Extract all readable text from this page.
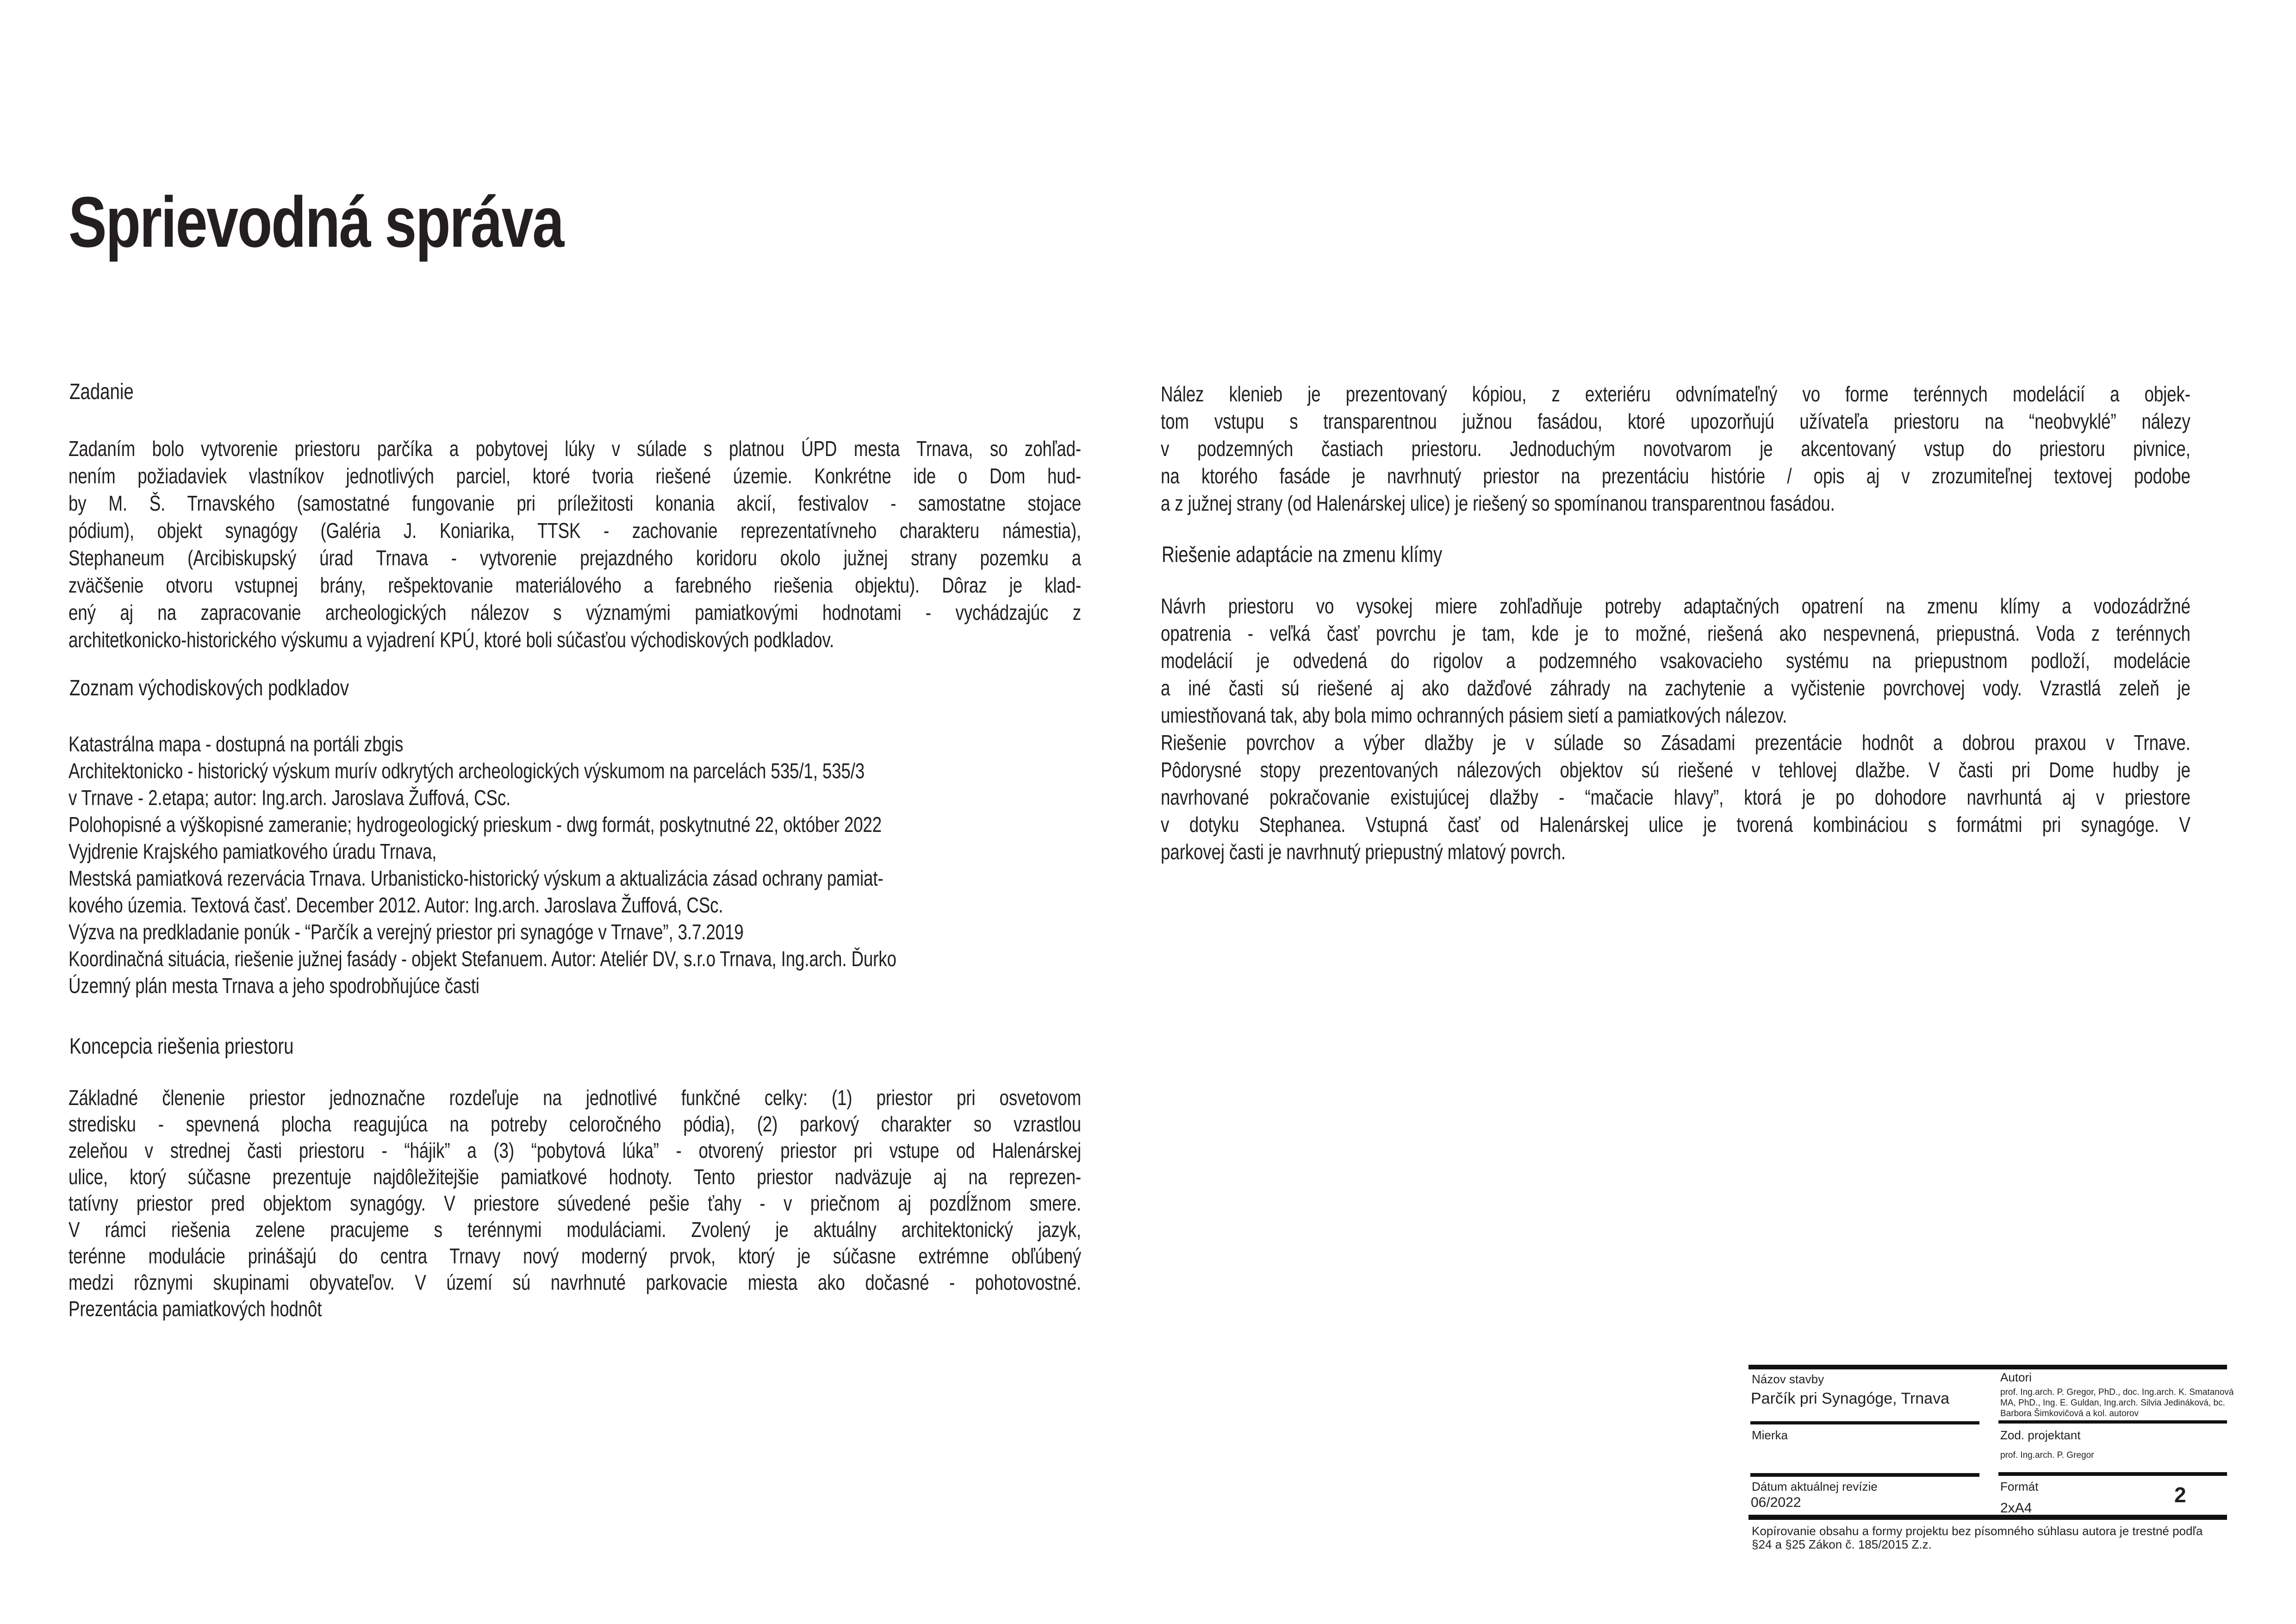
Sprievodná správa
Zadanie
Zadaním bolo vytvorenie priestoru parčíka a pobytovej lúky v súlade s platnou ÚPD mesta Trnava, so zohľad-
nením požiadaviek vlastníkov jednotlivých parciel, ktoré tvoria riešené územie. Konkrétne ide o Dom hud-
by M. Š. Trnavského (samostatné fungovanie pri príležitosti konania akcií, festivalov - samostatne stojace
pódium), objekt synagógy (Galéria J. Koniarika, TTSK - zachovanie reprezentatívneho charakteru námestia),
Stephaneum (Arcibiskupský úrad Trnava - vytvorenie prejazdného koridoru okolo južnej strany pozemku a
zväčšenie otvoru vstupnej brány, rešpektovanie materiálového a farebného riešenia objektu). Dôraz je klad-
ený aj na zapracovanie archeologických nálezov s významými pamiatkovými hodnotami - vychádzajúc z
architetkonicko-historického výskumu a vyjadrení KPÚ, ktoré boli súčasťou východiskových podkladov.
Zoznam východiskových podkladov
Katastrálna mapa - dostupná na portáli zbgis
Architektonicko - historický výskum murív odkrytých archeologických výskumom na parcelách 535/1, 535/3
v Trnave - 2.etapa; autor: Ing.arch. Jaroslava Žuffová, CSc.
Polohopisné a výškopisné zameranie; hydrogeologický prieskum - dwg formát, poskytnutné 22, október 2022
Vyjdrenie Krajského pamiatkového úradu Trnava,
Mestská pamiatková rezervácia Trnava. Urbanisticko-historický výskum a aktualizácia zásad ochrany pamiat-
kového územia. Textová časť. December 2012. Autor: Ing.arch. Jaroslava Žuffová, CSc.
Výzva na predkladanie ponúk - “Parčík a verejný priestor pri synagóge v Trnave”, 3.7.2019
Koordinačná situácia, riešenie južnej fasády - objekt Stefanuem. Autor: Ateliér DV, s.r.o Trnava, Ing.arch. Ďurko
Územný plán mesta Trnava a jeho spodrobňujúce časti
Koncepcia riešenia priestoru
Základné členenie priestor jednoznačne rozdeľuje na jednotlivé funkčné celky: (1) priestor pri osvetovom
stredisku - spevnená plocha reagujúca na potreby celoročného pódia), (2) parkový charakter so vzrastlou
zeleňou v strednej časti priestoru - “hájik” a (3) “pobytová lúka” - otvorený priestor pri vstupe od Halenárskej
ulice, ktorý súčasne prezentuje najdôležitejšie pamiatkové hodnoty. Tento priestor nadväzuje aj na reprezen-
tatívny priestor pred objektom synagógy. V priestore súvedené pešie ťahy - v priečnom aj pozdĺžnom smere.
V rámci riešenia zelene pracujeme s terénnymi moduláciami. Zvolený je aktuálny architektonický jazyk,
terénne modulácie prinášajú do centra Trnavy nový moderný prvok, ktorý je súčasne extrémne obľúbený
medzi rôznymi skupinami obyvateľov. V území sú navrhnuté parkovacie miesta ako dočasné - pohotovostné.
Prezentácia pamiatkových hodnôt
Nález klenieb je prezentovaný kópiou, z exteriéru odvnímateľný vo forme terénnych modelácií a objek-
tom vstupu s transparentnou južnou fasádou, ktoré upozorňujú užívateľa priestoru na “neobvyklé” nálezy
v podzemných častiach priestoru. Jednoduchým novotvarom je akcentovaný vstup do priestoru pivnice,
na ktorého fasáde je navrhnutý priestor na prezentáciu histórie / opis aj v zrozumiteľnej textovej podobe
a z južnej strany (od Halenárskej ulice) je riešený so spomínanou transparentnou fasádou.
Riešenie adaptácie na zmenu klímy
Návrh priestoru vo vysokej miere zohľadňuje potreby adaptačných opatrení na zmenu klímy a vodozádržné
opatrenia - veľká časť povrchu je tam, kde je to možné, riešená ako nespevnená, priepustná. Voda z terénnych
modelácií je odvedená do rigolov a podzemného vsakovacieho systému na priepustnom podloží, modelácie
a iné časti sú riešené aj ako dažďové záhrady na zachytenie a vyčistenie povrchovej vody. Vzrastlá zeleň je
umiestňovaná tak, aby bola mimo ochranných pásiem sietí a pamiatkových nálezov.
Riešenie povrchov a výber dlažby je v súlade so Zásadami prezentácie hodnôt a dobrou praxou v Trnave.
Pôdorysné stopy prezentovaných nálezových objektov sú riešené v tehlovej dlažbe. V časti pri Dome hudby je
navrhované pokračovanie existujúcej dlažby - “mačacie hlavy”, ktorá je po dohodore navrhuntá aj v priestore
v dotyku Stephanea. Vstupná časť od Halenárskej ulice je tvorená kombináciou s formátmi pri synagóge. V
parkovej časti je navrhnutý priepustný mlatový povrch.
Názov stavby
Parčík pri Synagóge, Trnava
Autori
prof. Ing.arch. P. Gregor, PhD., doc. Ing.arch. K. Smatanová
MA, PhD., Ing. E. Guldan, Ing.arch. Silvia Jedináková, bc.
Barbora Šimkovičová a kol. autorov
Mierka	Zod. projektant
prof. Ing.arch. P. Gregor
Dátum aktuálnej revízie
06/2022
Formát
2xA4
2
Kopírovanie obsahu a formy projektu bez písomného súhlasu autora je trestné podľa
§24 a §25 Zákon č. 185/2015 Z.z.
